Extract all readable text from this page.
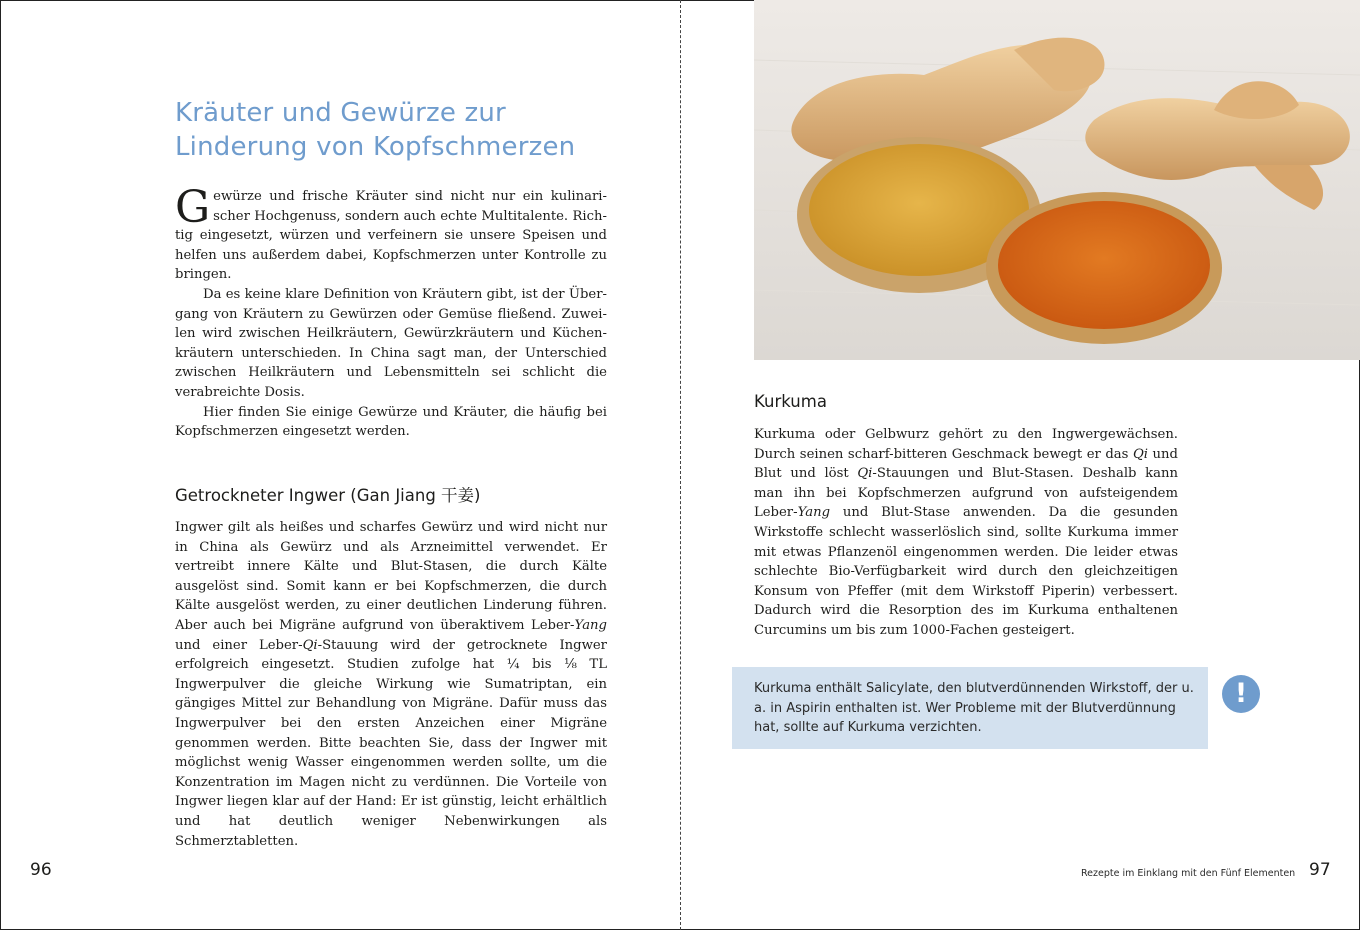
Kräuter und Gewürze zur
Linderung von Kopfschmerzen

Gewürze und frische Kräuter sind nicht nur ein kulinarischer Hochgenuss, sondern auch echte Multitalente. Richtig eingesetzt, würzen und verfeinern sie unsere Speisen und helfen uns außerdem dabei, Kopfschmerzen unter Kontrolle zu bringen.

Da es keine klare Definition von Kräutern gibt, ist der Übergang von Kräutern zu Gewürzen oder Gemüse fließend. Zuweilen wird zwischen Heilkräutern, Gewürzkräutern und Küchenkräutern unterschieden. In China sagt man, der Unterschied zwischen Heilkräutern und Lebensmitteln sei schlicht die verabreichte Dosis.

Hier finden Sie einige Gewürze und Kräuter, die häufig bei Kopfschmerzen eingesetzt werden.

Getrockneter Ingwer (Gan Jiang 干姜)

Ingwer gilt als heißes und scharfes Gewürz und wird nicht nur in China als Gewürz und als Arzneimittel verwendet. Er vertreibt innere Kälte und Blut-Stasen, die durch Kälte ausgelöst sind. Somit kann er bei Kopfschmerzen, die durch Kälte ausgelöst werden, zu einer deutlichen Linderung führen. Aber auch bei Migräne aufgrund von überaktivem Leber-Yang und einer Leber-Qi-Stauung wird der getrocknete Ingwer erfolgreich eingesetzt. Studien zufolge hat ¼ bis ⅛ TL Ingwerpulver die gleiche Wirkung wie Sumatriptan, ein gängiges Mittel zur Behandlung von Migräne. Dafür muss das Ingwerpulver bei den ersten Anzeichen einer Migräne genommen werden. Bitte beachten Sie, dass der Ingwer mit möglichst wenig Wasser eingenommen werden sollte, um die Konzentration im Magen nicht zu verdünnen. Die Vorteile von Ingwer liegen klar auf der Hand: Er ist günstig, leicht erhältlich und hat deutlich weniger Nebenwirkungen als Schmerztabletten.

96
Kurkuma

Kurkuma oder Gelbwurz gehört zu den Ingwergewächsen. Durch seinen scharf-bitteren Geschmack bewegt er das Qi und Blut und löst Qi-Stauungen und Blut-Stasen. Deshalb kann man ihn bei Kopfschmerzen aufgrund von aufsteigendem Leber-Yang und Blut-Stase anwenden. Da die gesunden Wirkstoffe schlecht wasserlöslich sind, sollte Kurkuma immer mit etwas Pflanzenöl eingenommen werden. Die leider etwas schlechte Bio-Verfügbarkeit wird durch den gleichzeitigen Konsum von Pfeffer (mit dem Wirkstoff Piperin) verbessert. Dadurch wird die Resorption des im Kurkuma enthaltenen Curcumins um bis zum 1000-Fachen gesteigert.

Kurkuma enthält Salicylate, den blutverdünnenden Wirkstoff, der u. a. in Aspirin enthalten ist. Wer Probleme mit der Blutverdünnung hat, sollte auf Kurkuma verzichten.

!
Rezepte im Einklang mit den Fünf Elementen 97
